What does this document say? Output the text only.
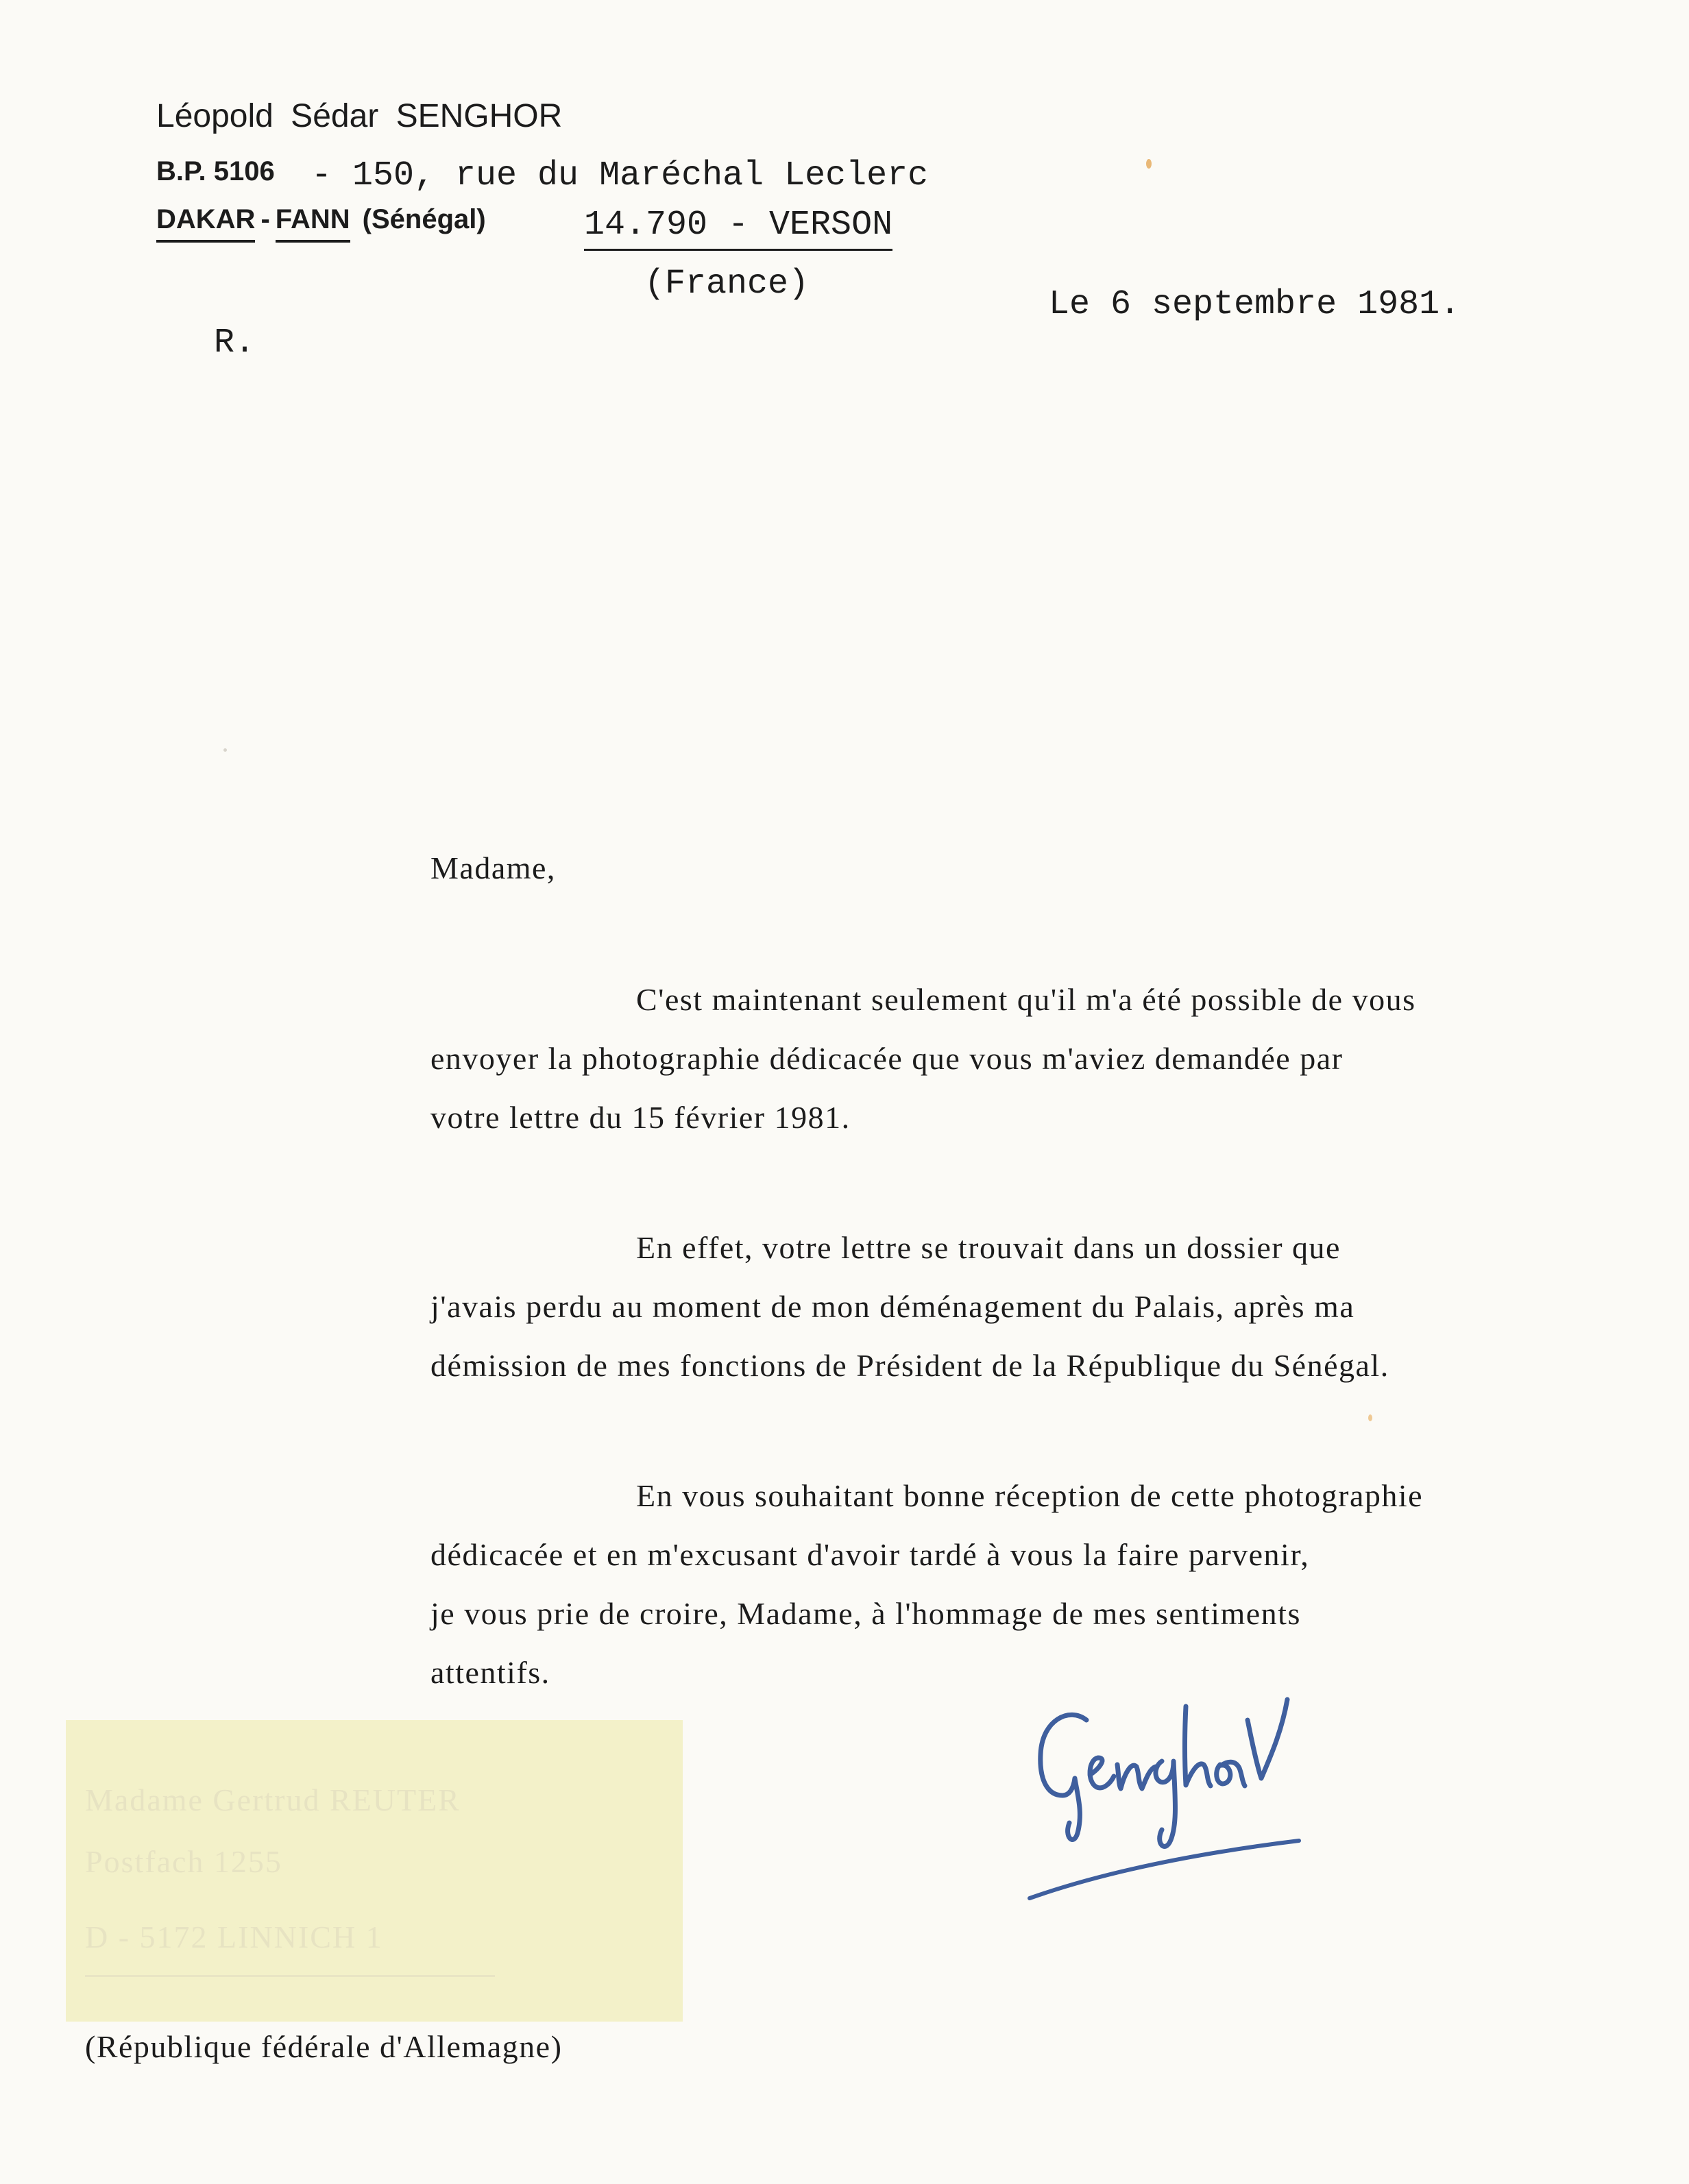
Léopold Sédar SENGHOR
B.P. 5106
DAKAR - FANN (Sénégal)
- 150, rue du Maréchal Leclerc
14.790 - VERSON
(France)
Le 6 septembre 1981.
R.
Madame,

C'est maintenant seulement qu'il m'a été possible de vous

envoyer la photographie dédicacée que vous m'aviez demandée par

votre lettre du 15 février 1981.

En effet, votre lettre se trouvait dans un dossier que

j'avais perdu au moment de mon déménagement du Palais, après ma

démission de mes fonctions de Président de la République du Sénégal.

En vous souhaitant bonne réception de cette photographie

dédicacée et en m'excusant d'avoir tardé à vous la faire parvenir,

je vous prie de croire, Madame, à l'hommage de mes sentiments

attentifs.

Madame Gertrud REUTER
Postfach 1255
D - 5172 LINNICH 1
(République fédérale d'Allemagne)
